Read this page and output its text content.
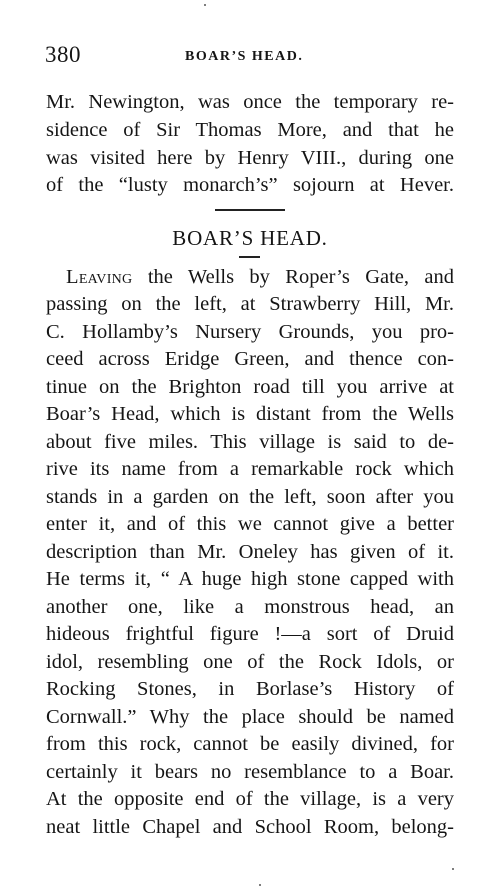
380	BOAR’S HEAD.
Mr. Newington, was once the temporary re-
sidence of Sir Thomas More, and that he
was visited here by Henry VIII., during one
of the “lusty monarch’s” sojourn at Hever.
BOAR’S HEAD.
Leaving the Wells by Roper’s Gate, and
passing on the left, at Strawberry Hill, Mr.
C. Hollamby’s Nursery Grounds, you pro-
ceed across Eridge Green, and thence con-
tinue on the Brighton road till you arrive at
Boar’s Head, which is distant from the Wells
about five miles. This village is said to de-
rive its name from a remarkable rock which
stands in a garden on the left, soon after you
enter it, and of this we cannot give a better
description than Mr. Oneley has given of it.
He terms it, “ A huge high stone capped with
another one, like a monstrous head, an
hideous frightful figure !—a sort of Druid
idol, resembling one of the Rock Idols, or
Rocking Stones, in Borlase’s History of
Cornwall.” Why the place should be named
from this rock, cannot be easily divined, for
certainly it bears no resemblance to a Boar.
At the opposite end of the village, is a very
neat little Chapel and School Room, belong-
